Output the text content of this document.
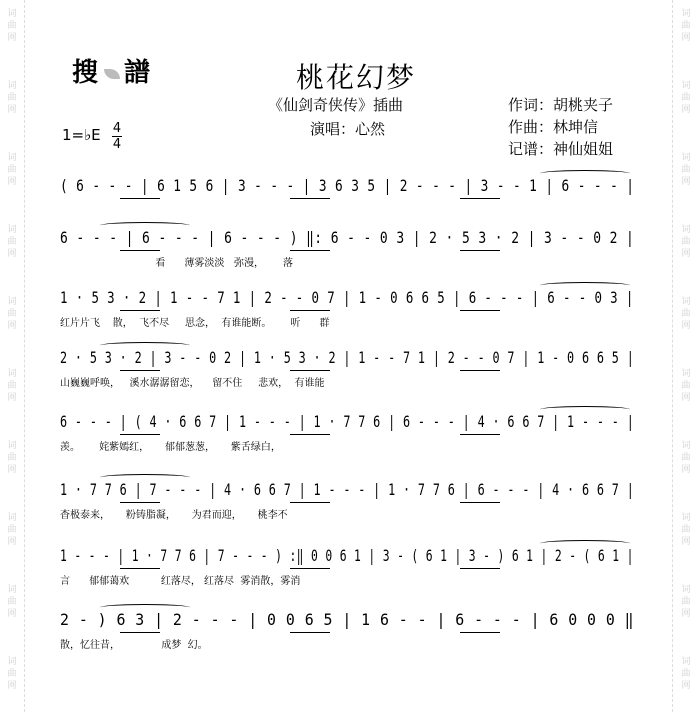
词
曲
网
词
曲
网
词
曲
网
词
曲
网
词
曲
网
词
曲
网
词
曲
网
词
曲
网
词
曲
网
词
曲
网
词
曲
网
词
曲
网
词
曲
网
词
曲
网
词
曲
网
词
曲
网
词
曲
网
词
曲
网
词
曲
网
词
曲
网
搜 譜	桃花幻梦
《仙剑奇侠传》插曲
演唱：心然
作词：胡桃夹子
作曲：林坤信
记谱：神仙姐姐
1=♭E 4
4
( 6 - - - | 6 1 5 6 | 3 - - - | 3 6 3 5 | 2 - - - | 3 - - 1 | 6 - - - |
6 - - - | 6 - - - | 6 - - - ) ‖: 6 - - 0 3 | 2 · 5 3 · 2 | 3 - - 0 2 |
看      薄雾淡淡   弥漫，      落
1 · 5 3 · 2 | 1 - - 7 1 | 2 - - 0 7 | 1 - 0 6 6 5 | 6 - - - | 6 - - 0 3 |
红片片飞    散，  飞不尽     思念，  有谁能断。      听      群
2 · 5 3 · 2 | 3 - - 0 2 | 1 · 5 3 · 2 | 1 - - 7 1 | 2 - - 0 7 | 1 - 0 6 6 5 |
山巍巍呼唤，   溪水潺潺留恋，    留不住     悲欢，  有谁能
6 - - - | ( 4 · 6 6 7 | 1 - - - | 1 · 7 7 6 | 6 - - - | 4 · 6 6 7 | 1 - - - |
羡。      姹紫嫣红，     郁郁葱葱，     紫舌绿白，
1 · 7 7 6 | 7 - - - | 4 · 6 6 7 | 1 - - - | 1 · 7 7 6 | 6 - - - | 4 · 6 6 7 |
杳极泰来，     粉铸脂凝，     为君而迎，     桃李不
1 - - - | 1 · 7 7 6 | 7 - - - ) :‖ 0 0 6 1 | 3 - ( 6 1 | 3 - ) 6 1 | 2 - ( 6 1 |
言      郁郁蔼欢          红落尽， 红落尽  雾消散，雾消
2 - ) 6 3 | 2 - - - | 0 0 6 5 | 1 6 - - | 6 - - - | 6 0 0 0 ‖
散，忆往昔，             成梦  幻。
